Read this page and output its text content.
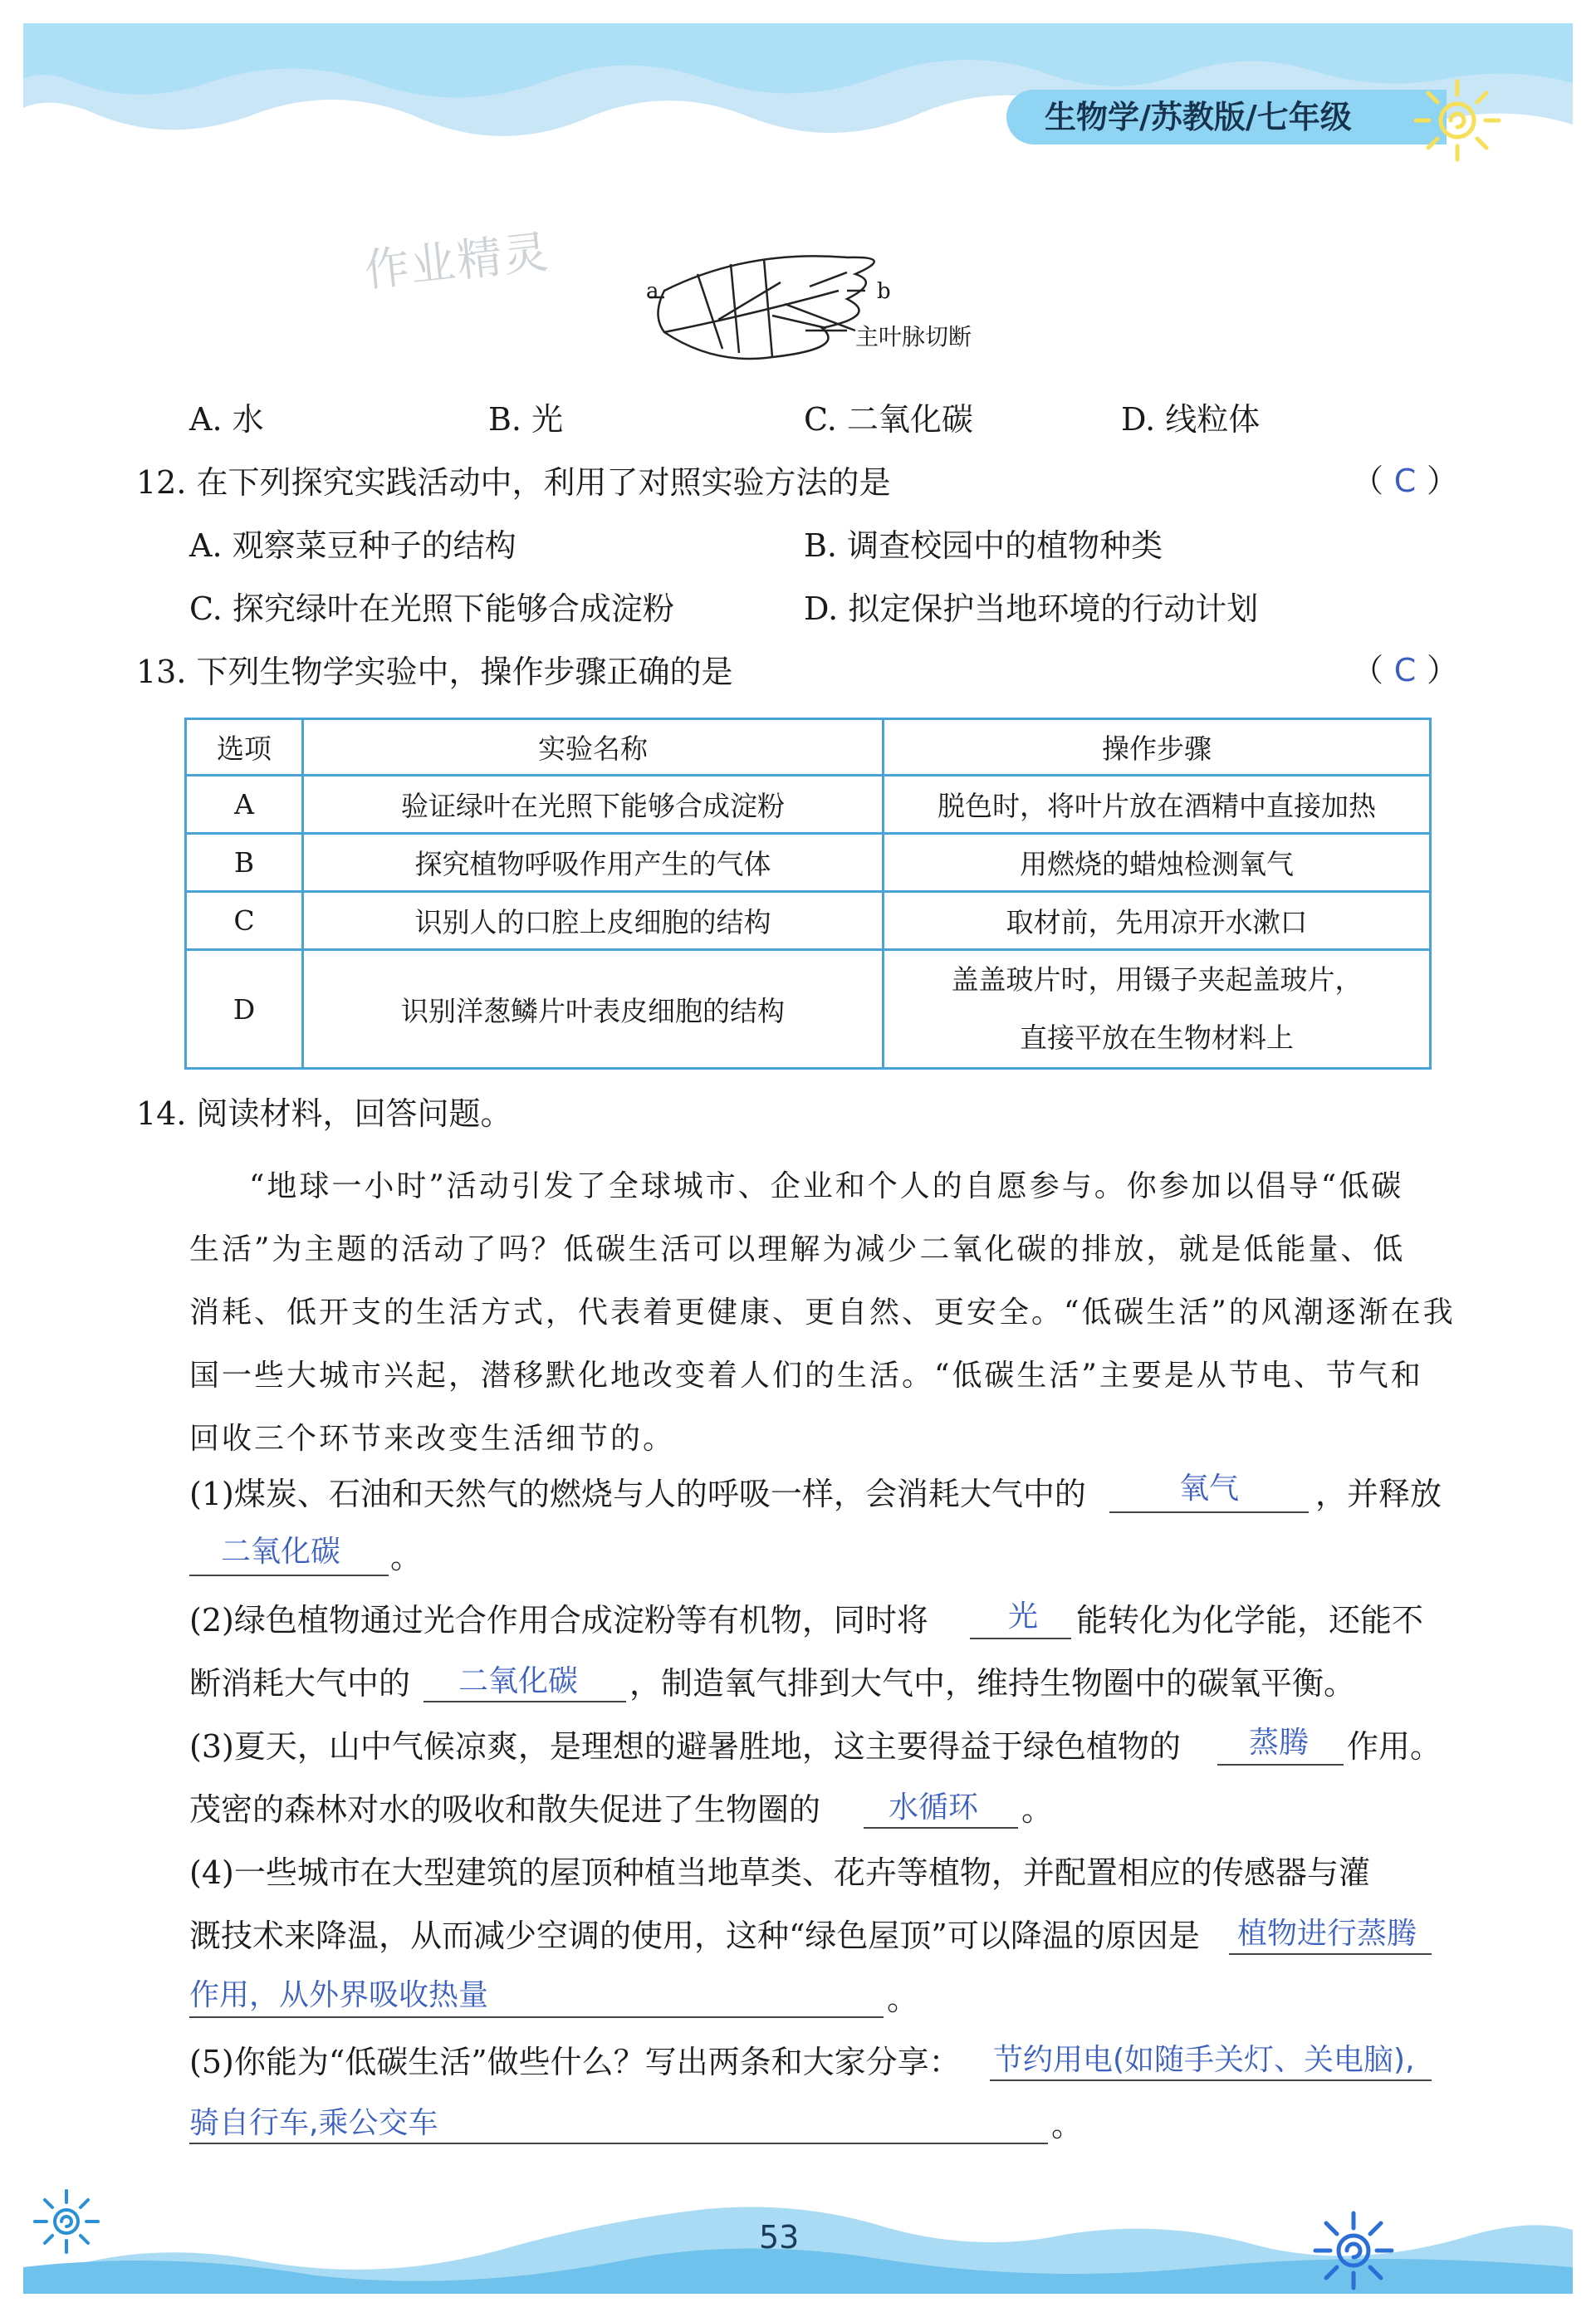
生物学/苏教版/七年级
作业精灵	a	b
主叶脉切断
A. 水	B. 光	C. 二氧化碳	D. 线粒体
12. 在下列探究实践活动中，利用了对照实验方法的是	（ C ）
A. 观察菜豆种子的结构	B. 调查校园中的植物种类
C. 探究绿叶在光照下能够合成淀粉	D. 拟定保护当地环境的行动计划
13. 下列生物学实验中，操作步骤正确的是	（ C ）
选项	实验名称	操作步骤
A	验证绿叶在光照下能够合成淀粉	脱色时，将叶片放在酒精中直接加热
B	探究植物呼吸作用产生的气体	用燃烧的蜡烛检测氧气
C	识别人的口腔上皮细胞的结构	取材前，先用凉开水漱口
D	识别洋葱鳞片叶表皮细胞的结构	盖盖玻片时，用镊子夹起盖玻片，
直接平放在生物材料上
14. 阅读材料，回答问题。
“地球一小时”活动引发了全球城市、企业和个人的自愿参与。你参加以倡导“低碳
生活”为主题的活动了吗？低碳生活可以理解为减少二氧化碳的排放，就是低能量、低
消耗、低开支的生活方式，代表着更健康、更自然、更安全。“低碳生活”的风潮逐渐在我
国一些大城市兴起，潜移默化地改变着人们的生活。“低碳生活”主要是从节电、节气和
回收三个环节来改变生活细节的。
(1)煤炭、石油和天然气的燃烧与人的呼吸一样，会消耗大气中的	氧气 ，并释放
二氧化碳 。
(2)绿色植物通过光合作用合成淀粉等有机物，同时将	光 能转化为化学能，还能不
断消耗大气中的 二氧化碳 ，制造氧气排到大气中，维持生物圈中的碳氧平衡。
(3)夏天，山中气候凉爽，是理想的避暑胜地，这主要得益于绿色植物的 蒸腾 作用。
茂密的森林对水的吸收和散失促进了生物圈的 水循环 。
(4)一些城市在大型建筑的屋顶种植当地草类、花卉等植物，并配置相应的传感器与灌
溉技术来降温，从而减少空调的使用，这种“绿色屋顶”可以降温的原因是 植物进行蒸腾
作用，从外界吸收热量	。
(5)你能为“低碳生活”做些什么？写出两条和大家分享： 节约用电(如随手关灯、关电脑),
骑自行车,乘公交车	。
53
